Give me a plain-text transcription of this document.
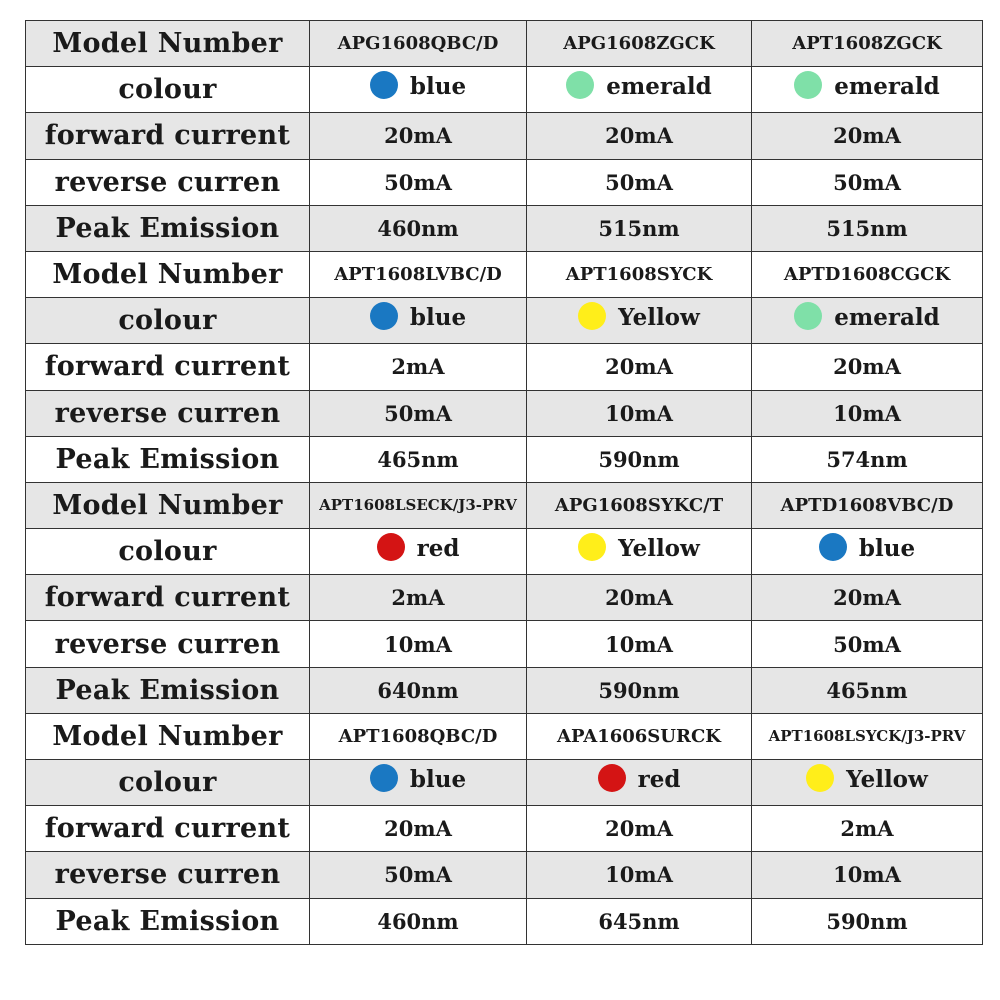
Model Number	APG1608QBC/D	APG1608ZGCK	APT1608ZGCK
colour	blue	emerald	emerald

forward current	20mA	20mA	20mA
reverse curren	50mA	50mA	50mA
Peak Emission	460nm	515nm	515nm
Model Number	APT1608LVBC/D	APT1608SYCK	APTD1608CGCK
colour	blue	Yellow	emerald

forward current	2mA	20mA	20mA
reverse curren	50mA	10mA	10mA
Peak Emission	465nm	590nm	574nm
Model Number	APT1608LSECK/J3-PRV	APG1608SYKC/T	APTD1608VBC/D
colour	red	Yellow	blue

forward current	2mA	20mA	20mA
reverse curren	10mA	10mA	50mA
Peak Emission	640nm	590nm	465nm
Model Number	APT1608QBC/D	APA1606SURCK	APT1608LSYCK/J3-PRV
colour	blue	red	Yellow

forward current	20mA	20mA	2mA
reverse curren	50mA	10mA	10mA
Peak Emission	460nm	645nm	590nm
